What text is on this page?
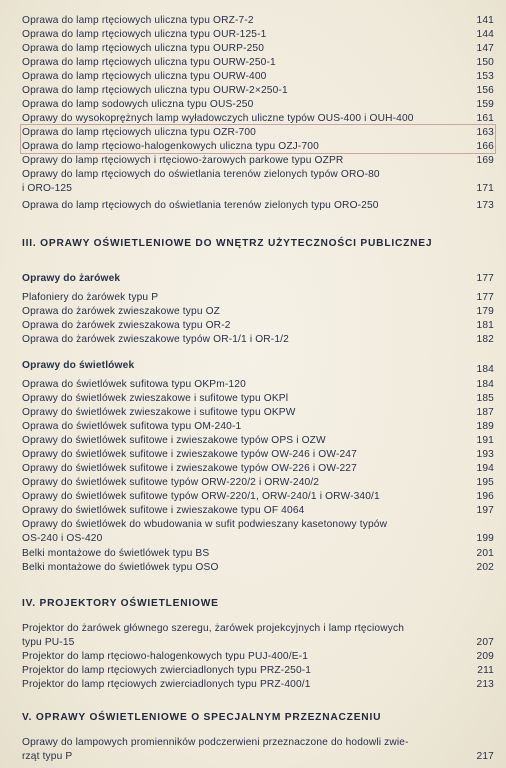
Oprawa do lamp rtęciowych uliczna typu ORZ-7-2	141
Oprawa do lamp rtęciowych uliczna typu OUR-125-1	144
Oprawa do lamp rtęciowych uliczna typu OURP-250	147
Oprawa do lamp rtęciowych uliczna typu OURW-250-1	150
Oprawa do lamp rtęciowych uliczna typu OURW-400	153
Oprawa do lamp rtęciowych uliczna typu OURW-2×250-1	156
Oprawa do lamp sodowych uliczna typu OUS-250	159
Oprawy do wysokoprężnych lamp wyładowczych uliczne typów OUS-400 i OUH-400	161
Oprawa do lamp rtęciowych uliczna typu OZR-700	163
Oprawa do lamp rtęciowo-halogenkowych uliczna typu OZJ-700	166
Oprawy do lamp rtęciowych i rtęciowo-żarowych parkowe typu OZPR	169
Oprawy do lamp rtęciowych do oświetlania terenów zielonych typów ORO-80
i ORO-125	171
Oprawa do lamp rtęciowych do oświetlania terenów zielonych typu ORO-250	173
III. OPRAWY OŚWIETLENIOWE DO WNĘTRZ UŻYTECZNOŚCI PUBLICZNEJ
Oprawy do żarówek	177
Plafoniery do żarówek typu P	177
Oprawa do żarówek zwieszakowe typu OZ	179
Oprawa do żarówek zwieszakowa typu OR-2	181
Oprawa do żarówek zwieszakowe typów OR-1/1 i OR-1/2	182
Oprawy do świetlówek	184
Oprawa do świetlówek sufitowa typu OKPm-120	184
Oprawy do świetlówek zwieszakowe i sufitowe typu OKPl	185
Oprawy do świetlówek zwieszakowe i sufitowe typu OKPW	187
Oprawa do świetlówek sufitowa typu OM-240-1	189
Oprawy do świetlówek sufitowe i zwieszakowe typów OPS i OZW	191
Oprawy do świetlówek sufitowe i zwieszakowe typów OW-246 i OW-247	193
Oprawy do świetlówek sufitowe i zwieszakowe typów OW-226 i OW-227	194
Oprawy do świetlówek sufitowe typów ORW-220/2 i ORW-240/2	195
Oprawy do świetlówek sufitowe typów ORW-220/1, ORW-240/1 i ORW-340/1	196
Oprawy do świetlówek sufitowe i zwieszakowe typu OF 4064	197
Oprawy do świetlówek do wbudowania w sufit podwieszany kasetonowy typów
OS-240 i OS-420	199
Belki montażowe do świetlówek typu BS	201
Belki montażowe do świetlówek typu OSO	202
IV. PROJEKTORY OŚWIETLENIOWE
Projektor do żarówek głównego szeregu, żarówek projekcyjnych i lamp rtęciowych
typu PU-15	207
Projektor do lamp rtęciowo-halogenkowych typu PUJ-400/E-1	209
Projektor do lamp rtęciowych zwierciadlonych typu PRZ-250-1	211
Projektor do lamp rtęciowych zwierciadlonych typu PRZ-400/1	213
V. OPRAWY OŚWIETLENIOWE O SPECJALNYM PRZEZNACZENIU
Oprawy do lampowych promienników podczerwieni przeznaczone do hodowli zwie-
rząt typu P	217
